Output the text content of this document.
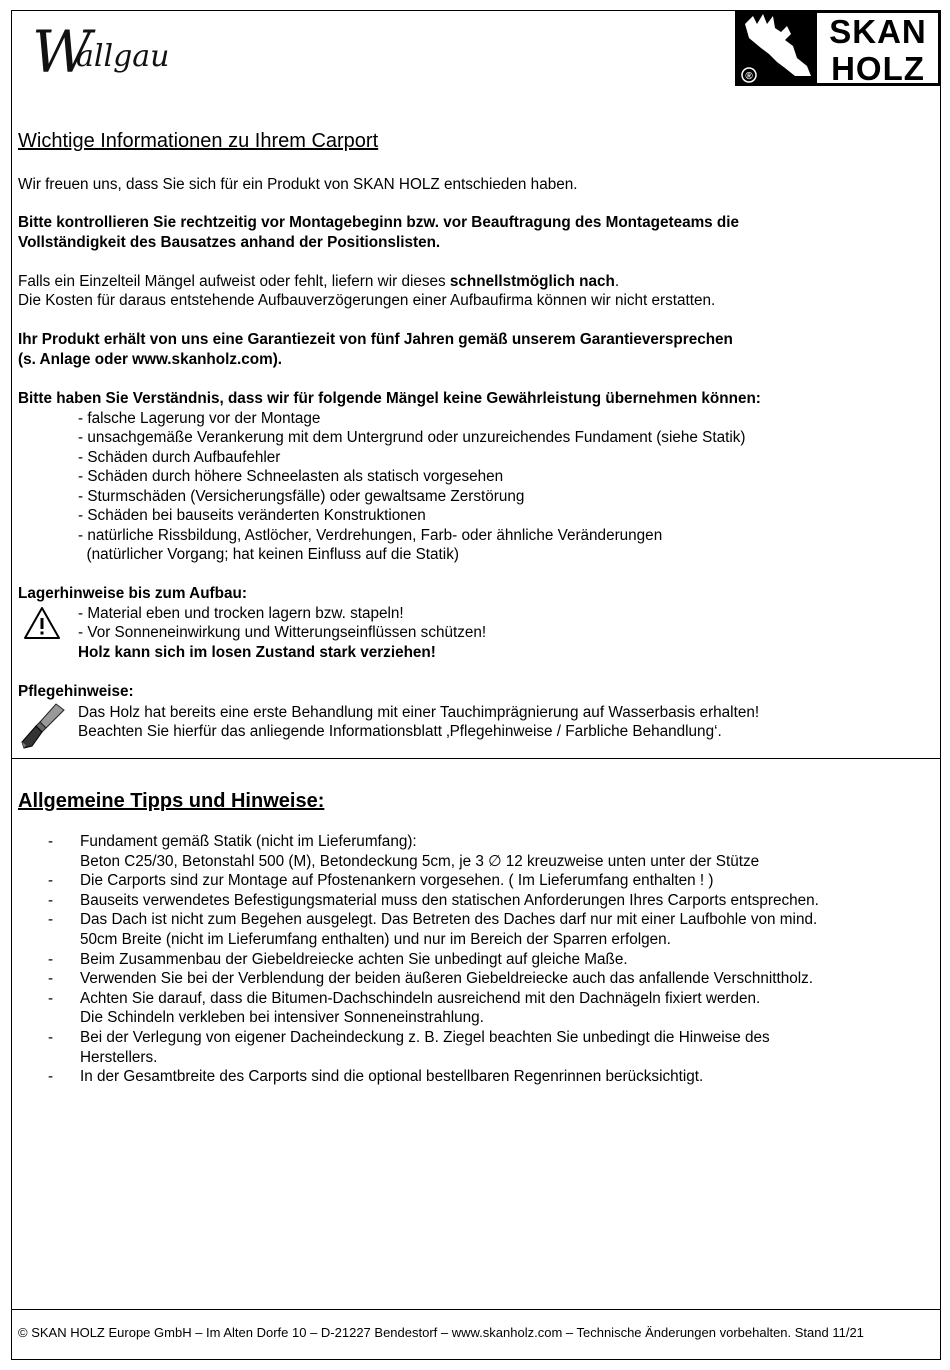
W
allgau
®
SKAN
HOLZ
Wichtige Informationen zu Ihrem Carport
Wir freuen uns, dass Sie sich für ein Produkt von SKAN HOLZ entschieden haben.
Bitte kontrollieren Sie rechtzeitig vor Montagebeginn bzw. vor Beauftragung des Montageteams die
Vollständigkeit des Bausatzes anhand der Positionslisten.
Falls ein Einzelteil Mängel aufweist oder fehlt, liefern wir dieses schnellstmöglich nach.
Die Kosten für daraus entstehende Aufbauverzögerungen einer Aufbaufirma können wir nicht erstatten.
Ihr Produkt erhält von uns eine Garantiezeit von fünf Jahren gemäß unserem Garantieversprechen
(s. Anlage oder www.skanholz.com).
Bitte haben Sie Verständnis, dass wir für folgende Mängel keine Gewährleistung übernehmen können:
- falsche Lagerung vor der Montage
- unsachgemäße Verankerung mit dem Untergrund oder unzureichendes Fundament (siehe Statik)
- Schäden durch Aufbaufehler
- Schäden durch höhere Schneelasten als statisch vorgesehen
- Sturmschäden (Versicherungsfälle) oder gewaltsame Zerstörung
- Schäden bei bauseits veränderten Konstruktionen
- natürliche Rissbildung, Astlöcher, Verdrehungen, Farb- oder ähnliche Veränderungen
(natürlicher Vorgang; hat keinen Einfluss auf die Statik)
Lagerhinweise bis zum Aufbau:
- Material eben und trocken lagern bzw. stapeln!
- Vor Sonneneinwirkung und Witterungseinflüssen schützen!
Holz kann sich im losen Zustand stark verziehen!
Pflegehinweise:
Das Holz hat bereits eine erste Behandlung mit einer Tauchimprägnierung auf Wasserbasis erhalten!
Beachten Sie hierfür das anliegende Informationsblatt ‚Pflegehinweise / Farbliche Behandlung‘.
Allgemeine Tipps und Hinweise:
- Fundament gemäß Statik (nicht im Lieferumfang):
Beton C25/30, Betonstahl 500 (M), Betondeckung 5cm, je 3 ∅ 12 kreuzweise unten unter der Stütze
- Die Carports sind zur Montage auf Pfostenankern vorgesehen. ( Im Lieferumfang enthalten ! )
- Bauseits verwendetes Befestigungsmaterial muss den statischen Anforderungen Ihres Carports entsprechen.
- Das Dach ist nicht zum Begehen ausgelegt. Das Betreten des Daches darf nur mit einer Laufbohle von mind.
50cm Breite (nicht im Lieferumfang enthalten) und nur im Bereich der Sparren erfolgen.
- Beim Zusammenbau der Giebeldreiecke achten Sie unbedingt auf gleiche Maße.
- Verwenden Sie bei der Verblendung der beiden äußeren Giebeldreiecke auch das anfallende Verschnittholz.
- Achten Sie darauf, dass die Bitumen-Dachschindeln ausreichend mit den Dachnägeln fixiert werden.
Die Schindeln verkleben bei intensiver Sonneneinstrahlung.
- Bei der Verlegung von eigener Dacheindeckung z. B. Ziegel beachten Sie unbedingt die Hinweise des
Herstellers.
- In der Gesamtbreite des Carports sind die optional bestellbaren Regenrinnen berücksichtigt.
© SKAN HOLZ Europe GmbH – Im Alten Dorfe 10 – D-21227 Bendestorf – www.skanholz.com – Technische Änderungen vorbehalten. Stand 11/21
